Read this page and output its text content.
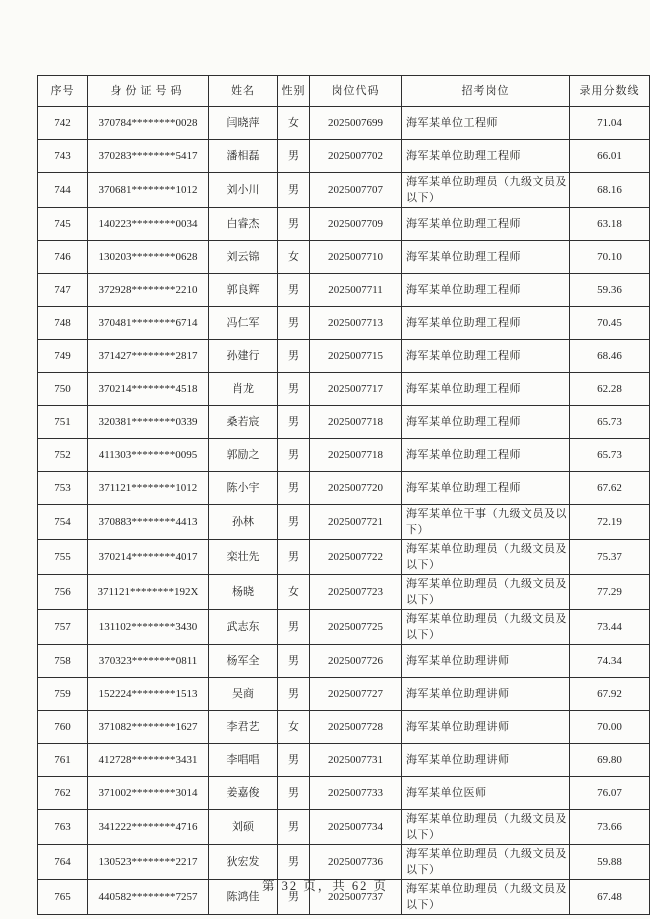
序号	身份证号码	姓名	性别	岗位代码	招考岗位	录用分数线
742	370784********0028	闫晓萍	女	2025007699	海军某单位工程师	71.04
743	370283********5417	潘相磊	男	2025007702	海军某单位助理工程师	66.01
744	370681********1012	刘小川	男	2025007707	海军某单位助理员（九级文员及以下）	68.16
745	140223********0034	白睿杰	男	2025007709	海军某单位助理工程师	63.18
746	130203********0628	刘云锦	女	2025007710	海军某单位助理工程师	70.10
747	372928********2210	郭良辉	男	2025007711	海军某单位助理工程师	59.36
748	370481********6714	冯仁军	男	2025007713	海军某单位助理工程师	70.45
749	371427********2817	孙建行	男	2025007715	海军某单位助理工程师	68.46
750	370214********4518	肖龙	男	2025007717	海军某单位助理工程师	62.28
751	320381********0339	桑若宸	男	2025007718	海军某单位助理工程师	65.73
752	411303********0095	郭励之	男	2025007718	海军某单位助理工程师	65.73
753	371121********1012	陈小宇	男	2025007720	海军某单位助理工程师	67.62
754	370883********4413	孙林	男	2025007721	海军某单位干事（九级文员及以下）	72.19
755	370214********4017	栾壮先	男	2025007722	海军某单位助理员（九级文员及以下）	75.37
756	371121********192X	杨晓	女	2025007723	海军某单位助理员（九级文员及以下）	77.29
757	131102********3430	武志东	男	2025007725	海军某单位助理员（九级文员及以下）	73.44
758	370323********0811	杨军全	男	2025007726	海军某单位助理讲师	74.34
759	152224********1513	吴商	男	2025007727	海军某单位助理讲师	67.92
760	371082********1627	李君艺	女	2025007728	海军某单位助理讲师	70.00
761	412728********3431	李唱唱	男	2025007731	海军某单位助理讲师	69.80
762	371002********3014	姜嘉俊	男	2025007733	海军某单位医师	76.07
763	341222********4716	刘硕	男	2025007734	海军某单位助理员（九级文员及以下）	73.66
764	130523********2217	狄宏发	男	2025007736	海军某单位助理员（九级文员及以下）	59.88
765	440582********7257	陈鸿佳	男	2025007737	海军某单位助理员（九级文员及以下）	67.48
第 32 页，共 62 页
